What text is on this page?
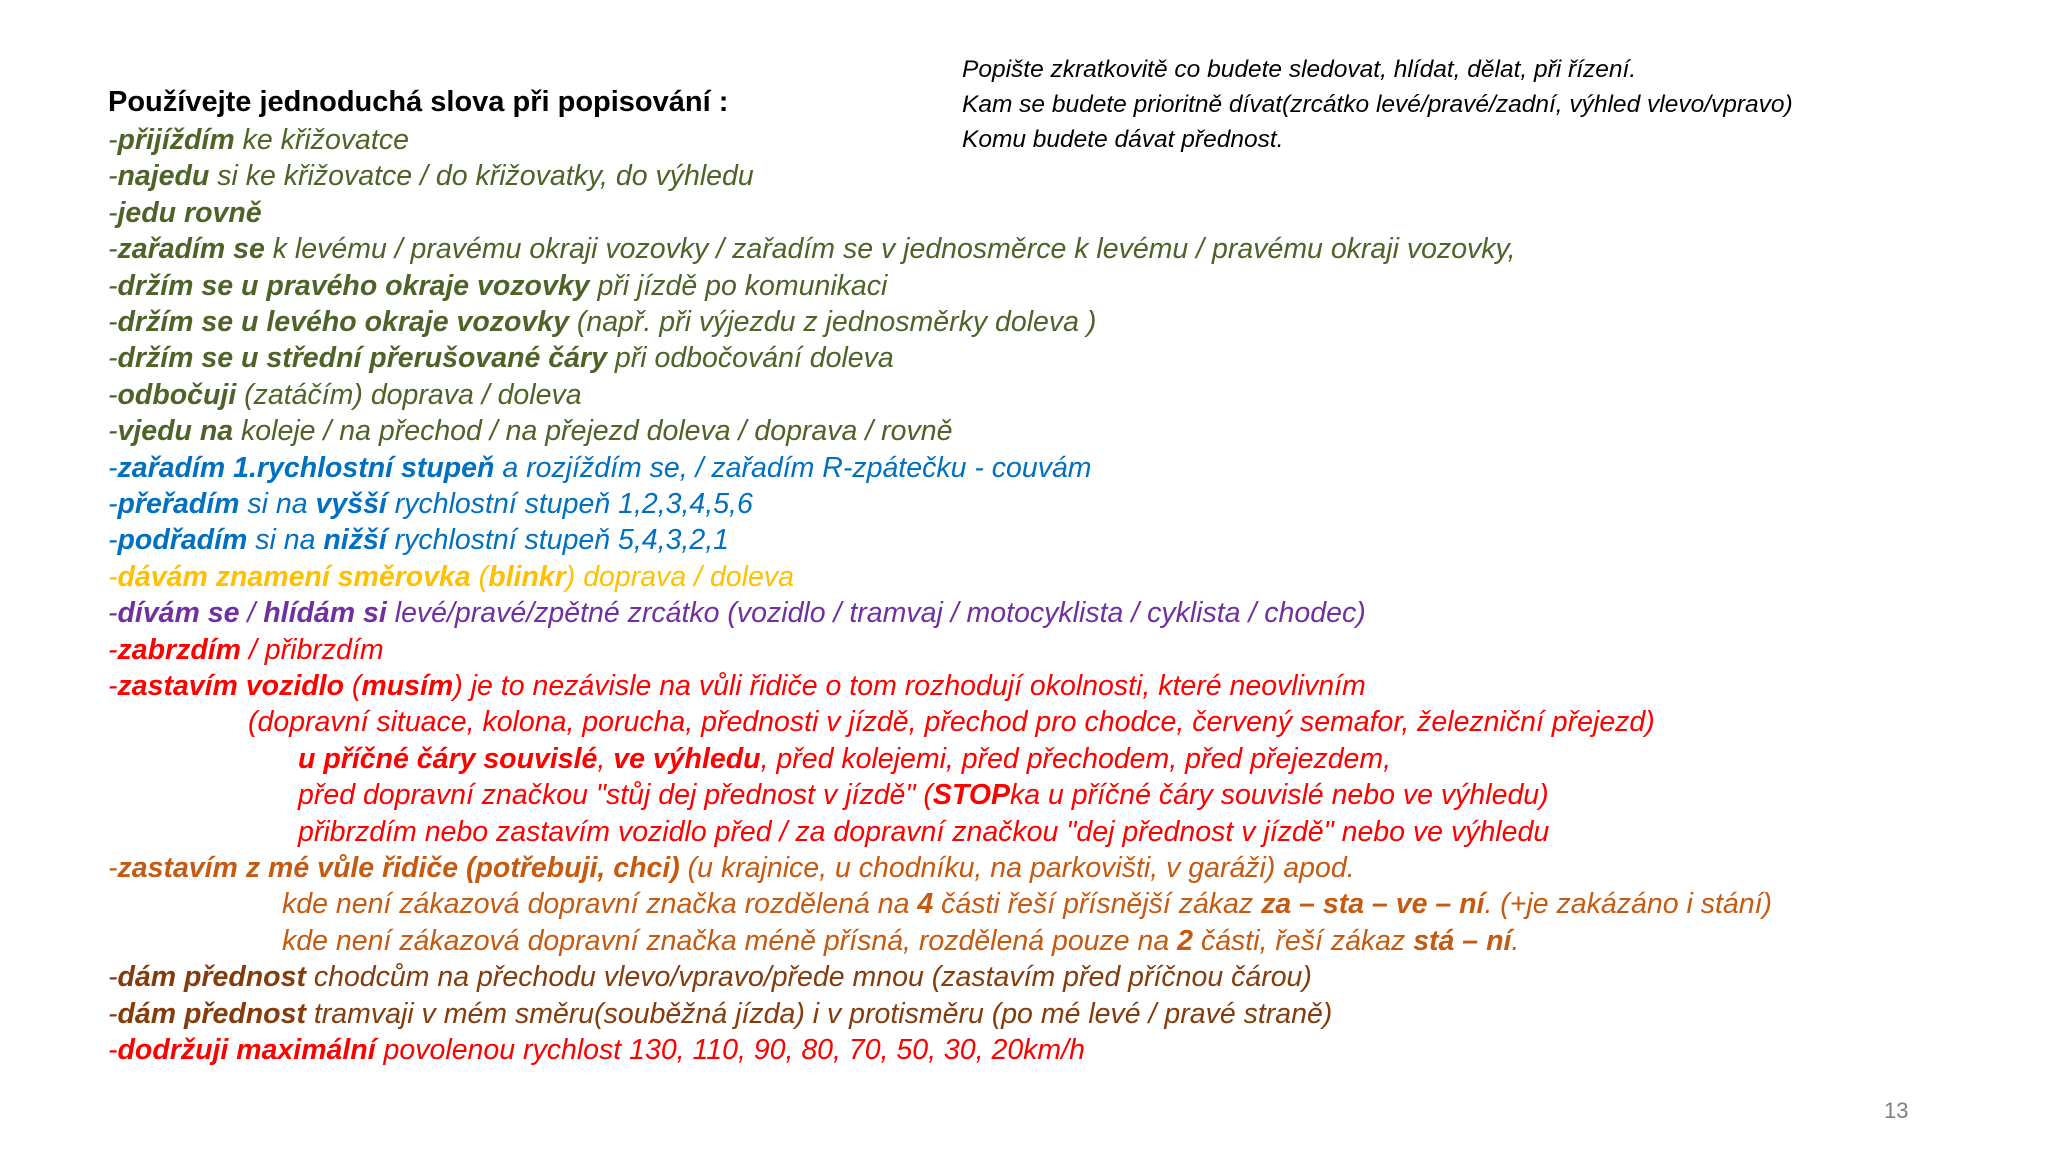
Popište zkratkovitě co budete sledovat, hlídat, dělat, při řízení.
Kam se budete prioritně dívat(zrcátko levé/pravé/zadní, výhled vlevo/vpravo)
Komu budete dávat přednost.
Používejte jednoduchá slova při popisování :
-přijíždím ke křižovatce
-najedu si ke křižovatce / do křižovatky, do výhledu
-jedu rovně
-zařadím se k levému / pravému okraji vozovky / zařadím se v jednosměrce k levému / pravému okraji vozovky,
-držím se u pravého okraje vozovky při jízdě po komunikaci
-držím se u levého okraje vozovky (např. při výjezdu z jednosměrky doleva )
-držím se u střední přerušované čáry při odbočování doleva
-odbočuji (zatáčím) doprava / doleva
-vjedu na koleje / na přechod / na přejezd doleva / doprava / rovně
-zařadím 1.rychlostní stupeň a rozjíždím se, / zařadím R-zpátečku - couvám
-přeřadím si na vyšší rychlostní stupeň 1,2,3,4,5,6
-podřadím si na nižší rychlostní stupeň 5,4,3,2,1
-dávám znamení směrovka (blinkr) doprava / doleva
-dívám se / hlídám si levé/pravé/zpětné zrcátko (vozidlo / tramvaj / motocyklista / cyklista / chodec)
-zabrzdím / přibrzdím
-zastavím vozidlo (musím) je to nezávisle na vůli řidiče o tom rozhodují okolnosti, které neovlivním
(dopravní situace, kolona, porucha, přednosti v jízdě, přechod pro chodce, červený semafor, železniční přejezd)
u příčné čáry souvislé, ve výhledu, před kolejemi, před přechodem, před přejezdem,
před dopravní značkou "stůj dej přednost v jízdě" (STOPka u příčné čáry souvislé nebo ve výhledu)
přibrzdím nebo zastavím vozidlo před / za dopravní značkou "dej přednost v jízdě" nebo ve výhledu
-zastavím z mé vůle řidiče (potřebuji, chci) (u krajnice, u chodníku, na parkovišti, v garáži) apod.
kde není zákazová dopravní značka rozdělená na 4 části řeší přísnější zákaz za – sta – ve – ní. (+je zakázáno i stání)
kde není zákazová dopravní značka méně přísná, rozdělená pouze na 2 části, řeší zákaz stá – ní.
-dám přednost chodcům na přechodu vlevo/vpravo/přede mnou (zastavím před příčnou čárou)
-dám přednost tramvaji v mém směru(souběžná jízda) i v protisměru (po mé levé / pravé straně)
-dodržuji maximální povolenou rychlost 130, 110, 90, 80, 70, 50, 30, 20km/h
13
